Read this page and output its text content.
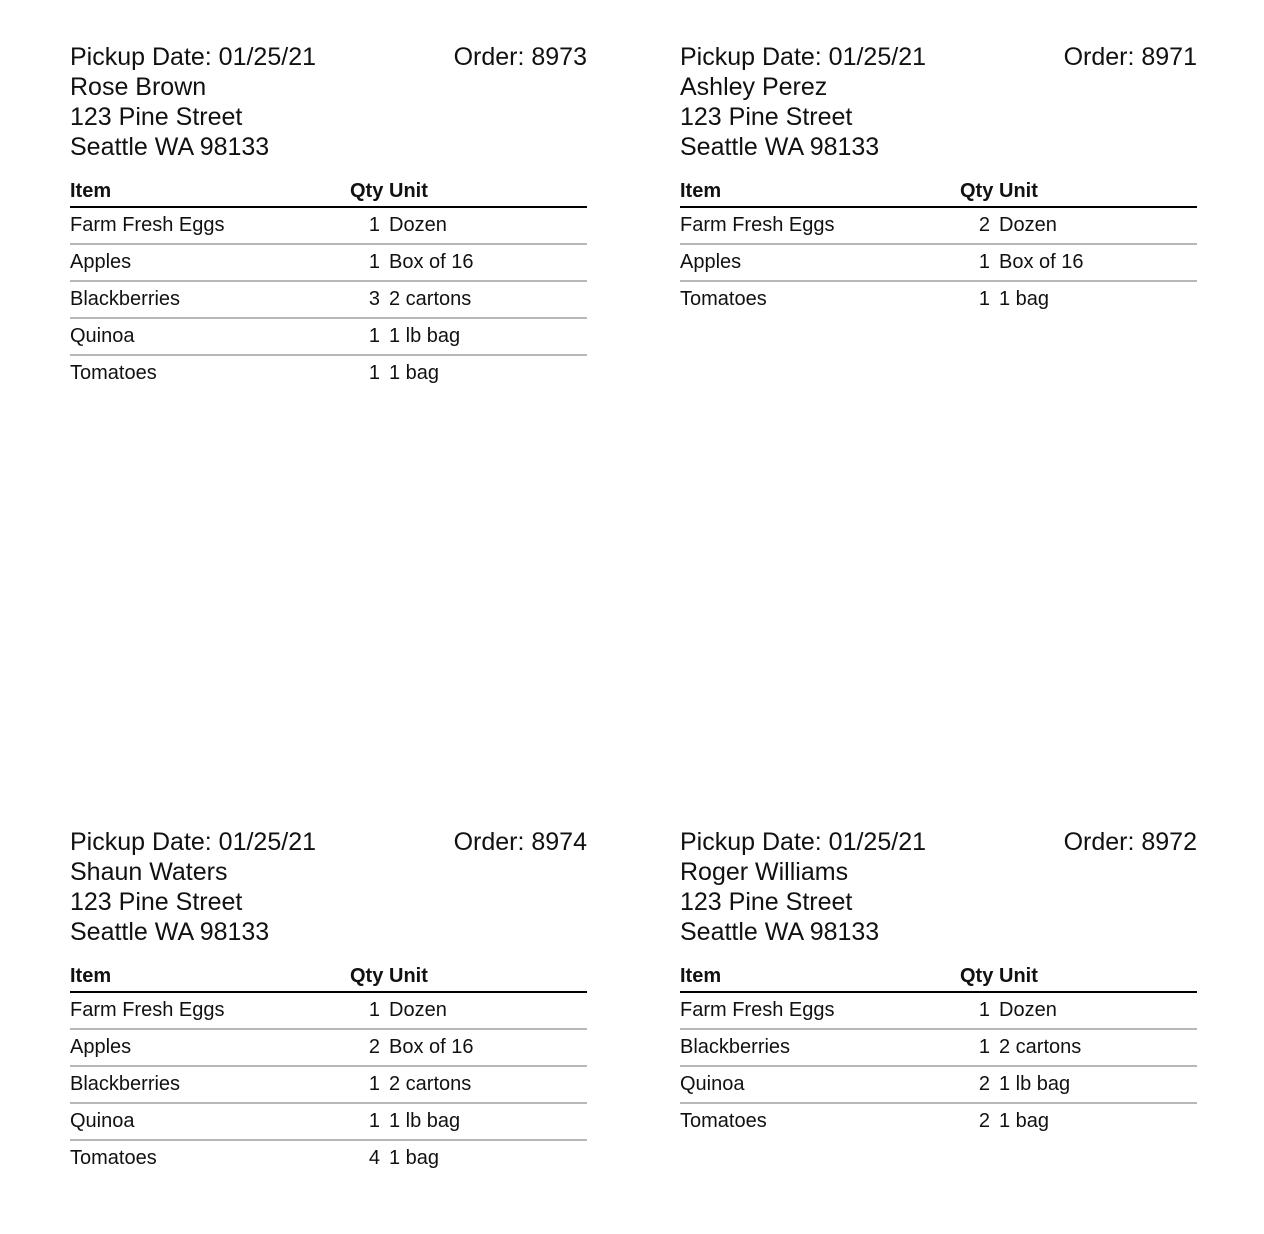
Pickup Date: 01/25/21	Order: 8973
Rose Brown
123 Pine Street
Seattle WA 98133
Item	Qty		Unit
Farm Fresh Eggs	1		Dozen
Apples	1		Box of 16
Blackberries	3		2 cartons
Quinoa	1		1 lb bag
Tomatoes	1		1 bag
Pickup Date: 01/25/21	Order: 8971
Ashley Perez
123 Pine Street
Seattle WA 98133
Item	Qty		Unit
Farm Fresh Eggs	2		Dozen
Apples	1		Box of 16
Tomatoes	1		1 bag
Pickup Date: 01/25/21	Order: 8974
Shaun Waters
123 Pine Street
Seattle WA 98133
Item	Qty		Unit
Farm Fresh Eggs	1		Dozen
Apples	2		Box of 16
Blackberries	1		2 cartons
Quinoa	1		1 lb bag
Tomatoes	4		1 bag
Pickup Date: 01/25/21	Order: 8972
Roger Williams
123 Pine Street
Seattle WA 98133
Item	Qty		Unit
Farm Fresh Eggs	1		Dozen
Blackberries	1		2 cartons
Quinoa	2		1 lb bag
Tomatoes	2		1 bag
